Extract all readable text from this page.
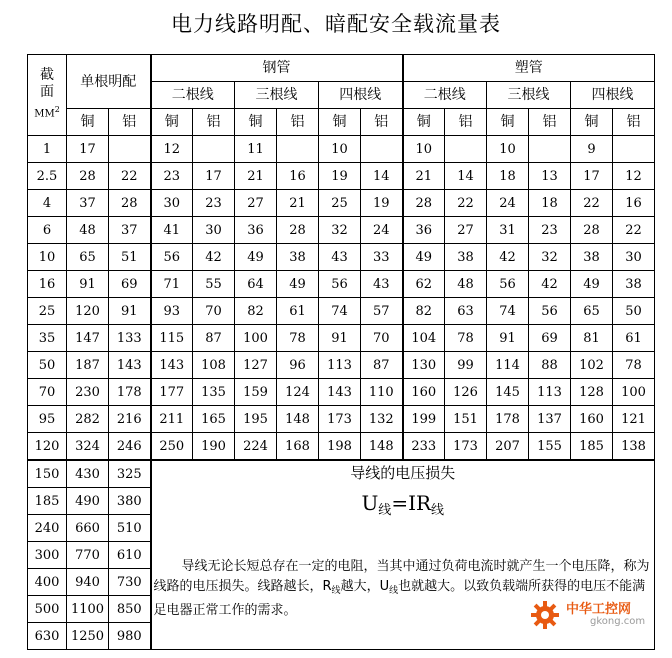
电力线路明配、暗配安全载流量表
截
面
$MM^2$	单根明配		钢管						塑管					
			二根线		三根线		四根线		二根线		三根线		四根线	
	铜	铝	铜	铝	铜	铝	铜	铝	铜	铝	铜	铝	铜	铝
1	17		12		11		10		10		10		9	
2.5	28	22	23	17	21	16	19	14	21	14	18	13	17	12
4	37	28	30	23	27	21	25	19	28	22	24	18	22	16
6	48	37	41	30	36	28	32	24	36	27	31	23	28	22
10	65	51	56	42	49	38	43	33	49	38	42	32	38	30
16	91	69	71	55	64	49	56	43	62	48	56	42	49	38
25	120	91	93	70	82	61	74	57	82	63	74	56	65	50
35	147	133	115	87	100	78	91	70	104	78	91	69	81	61
50	187	143	143	108	127	96	113	87	130	99	114	88	102	78
70	230	178	177	135	159	124	143	110	160	126	145	113	128	100
95	282	216	211	165	195	148	173	132	199	151	178	137	160	121
120	324	246	250	190	224	168	198	148	233	173	207	155	185	138
150	430	325	导线的电压损失
$U_线=IR_线$
导线无论长短总存在一定的电阻，当其中通过负荷电流时就产生一个电压降，称为线路的电压损失。线路越长，$R_线$越大，$U_线$也就越大。以致负载端所获得的电压不能满足电器正常工作的需求。											

185	490	380												
240	660	510												
300	770	610												
400	940	730												
500	1100	850												
630	1250	980												
中华工控网
gkong.com
